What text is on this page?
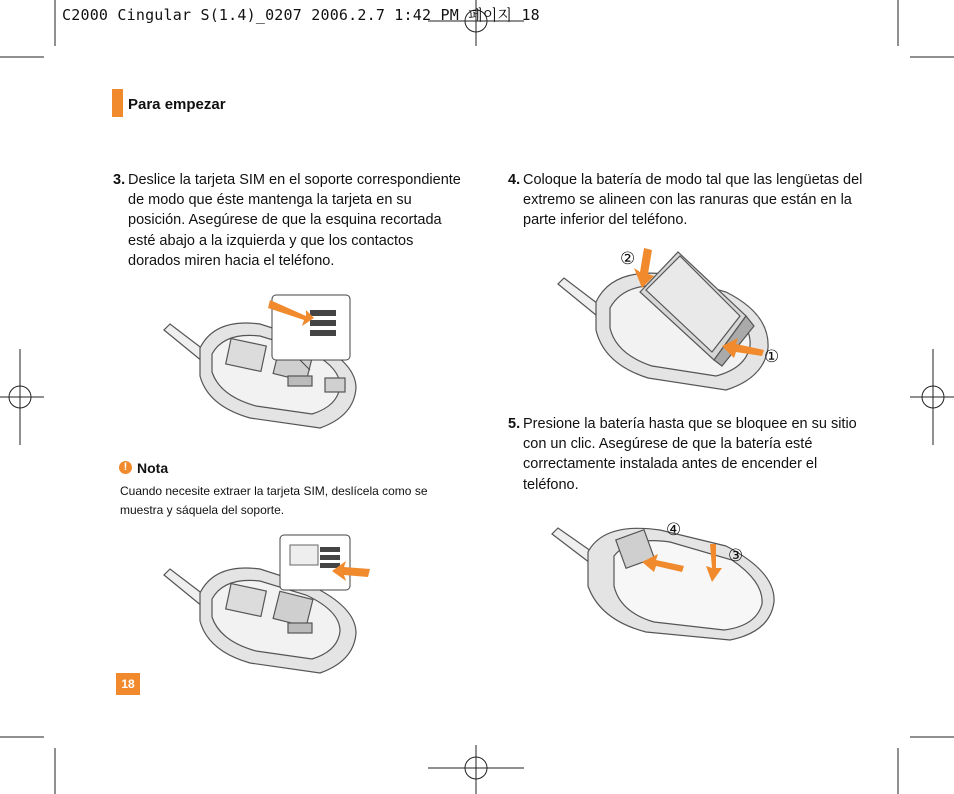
C2000 Cingular S(1.4)_0207 2006.2.7 1:42 PM 페이지 18
Para empezar
3. Deslice la tarjeta SIM en el soporte correspondiente
de modo que éste mantenga la tarjeta en su
posición. Asegúrese de que la esquina recortada
esté abajo a la izquierda y que los contactos
dorados miren hacia el teléfono.
4. Coloque la batería de modo tal que las lengüetas del
extremo se alineen con las ranuras que están en la
parte inferior del teléfono.
5. Presione la batería hasta que se bloquee en su sitio
con un clic. Asegúrese de que la batería esté
correctamente instalada antes de encender el
teléfono.
! Nota
Cuando necesite extraer la tarjeta SIM, deslícela como se
muestra y sáquela del soporte.
②
①
④
③
18
